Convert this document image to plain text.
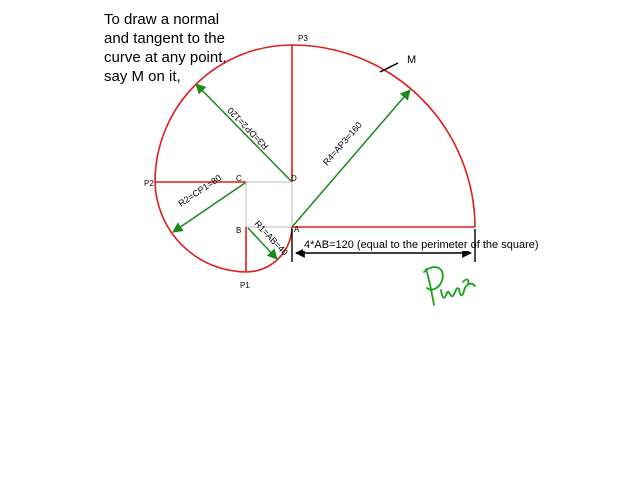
To draw a normal
and tangent to the
curve at any point,
say M on it,
4*AB=120 (equal to the perimeter of the square)
P1
P2
P3
A
B
C	D
M
R1=AB=40
R2=CP1=80
R3=DP2=120	R4=AP3=160
